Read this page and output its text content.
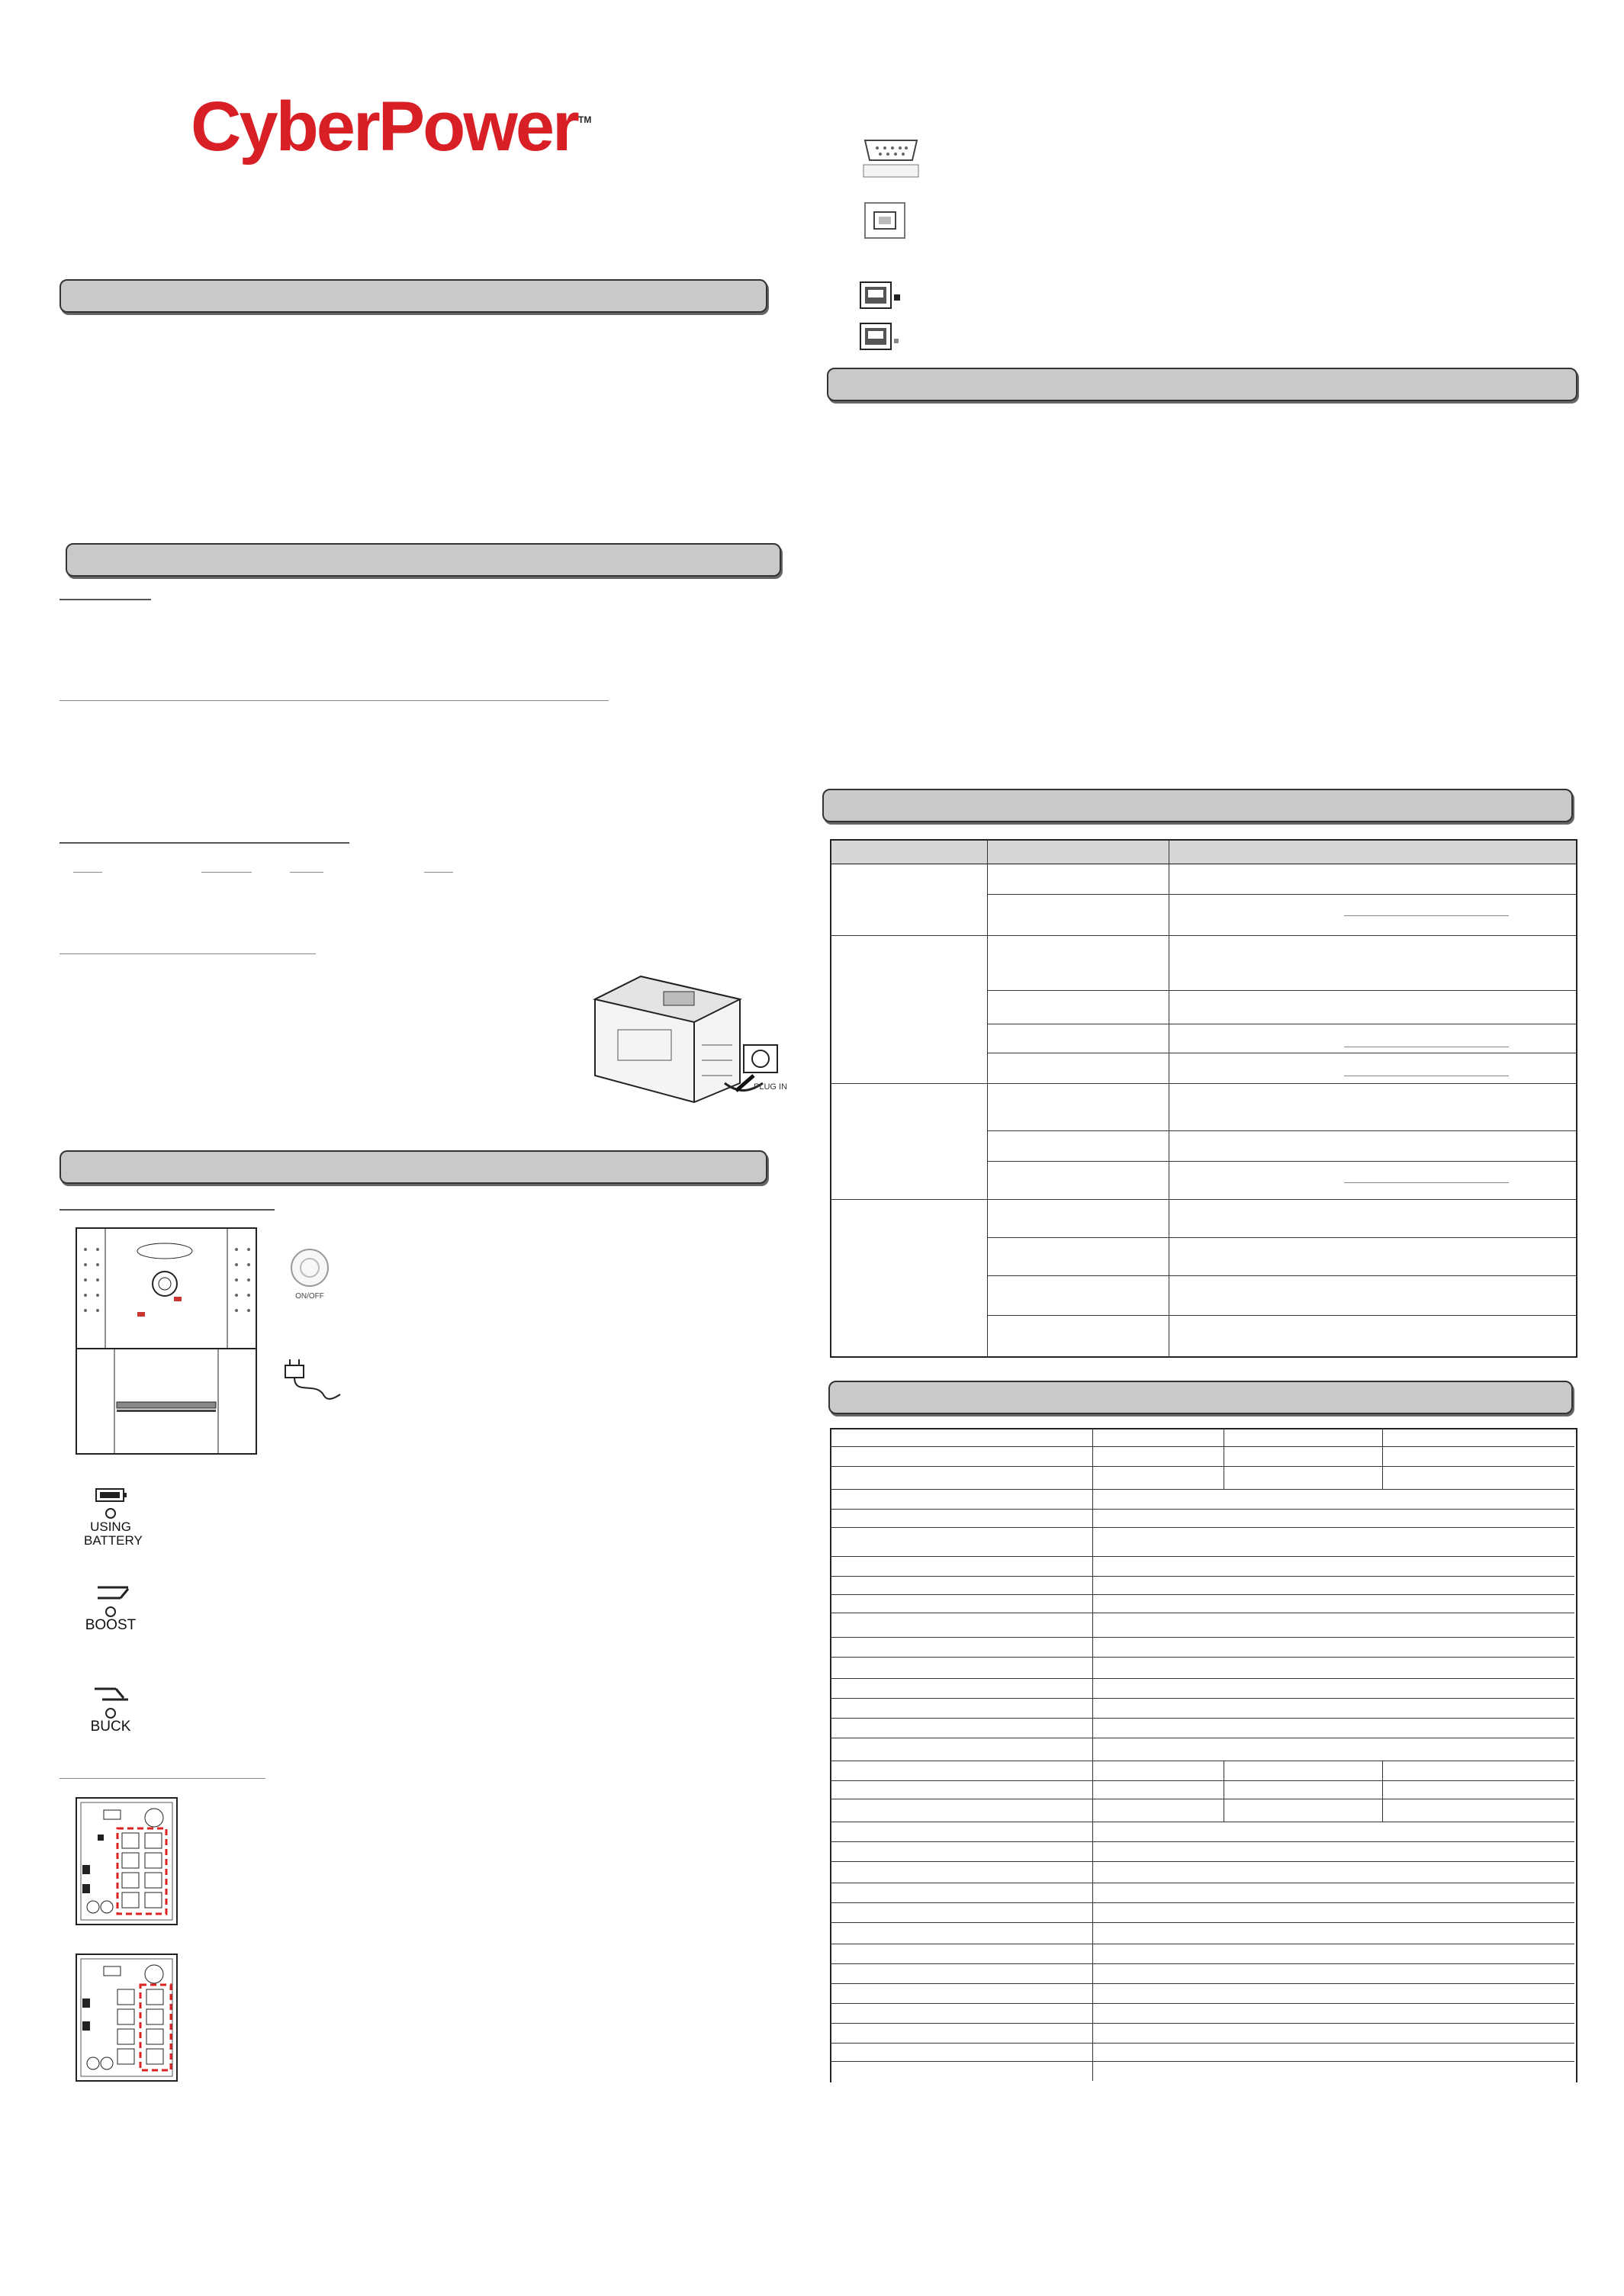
CyberPower TM
PLUG IN
ON/OFF
USING
BATTERY
BOOST
BUCK
